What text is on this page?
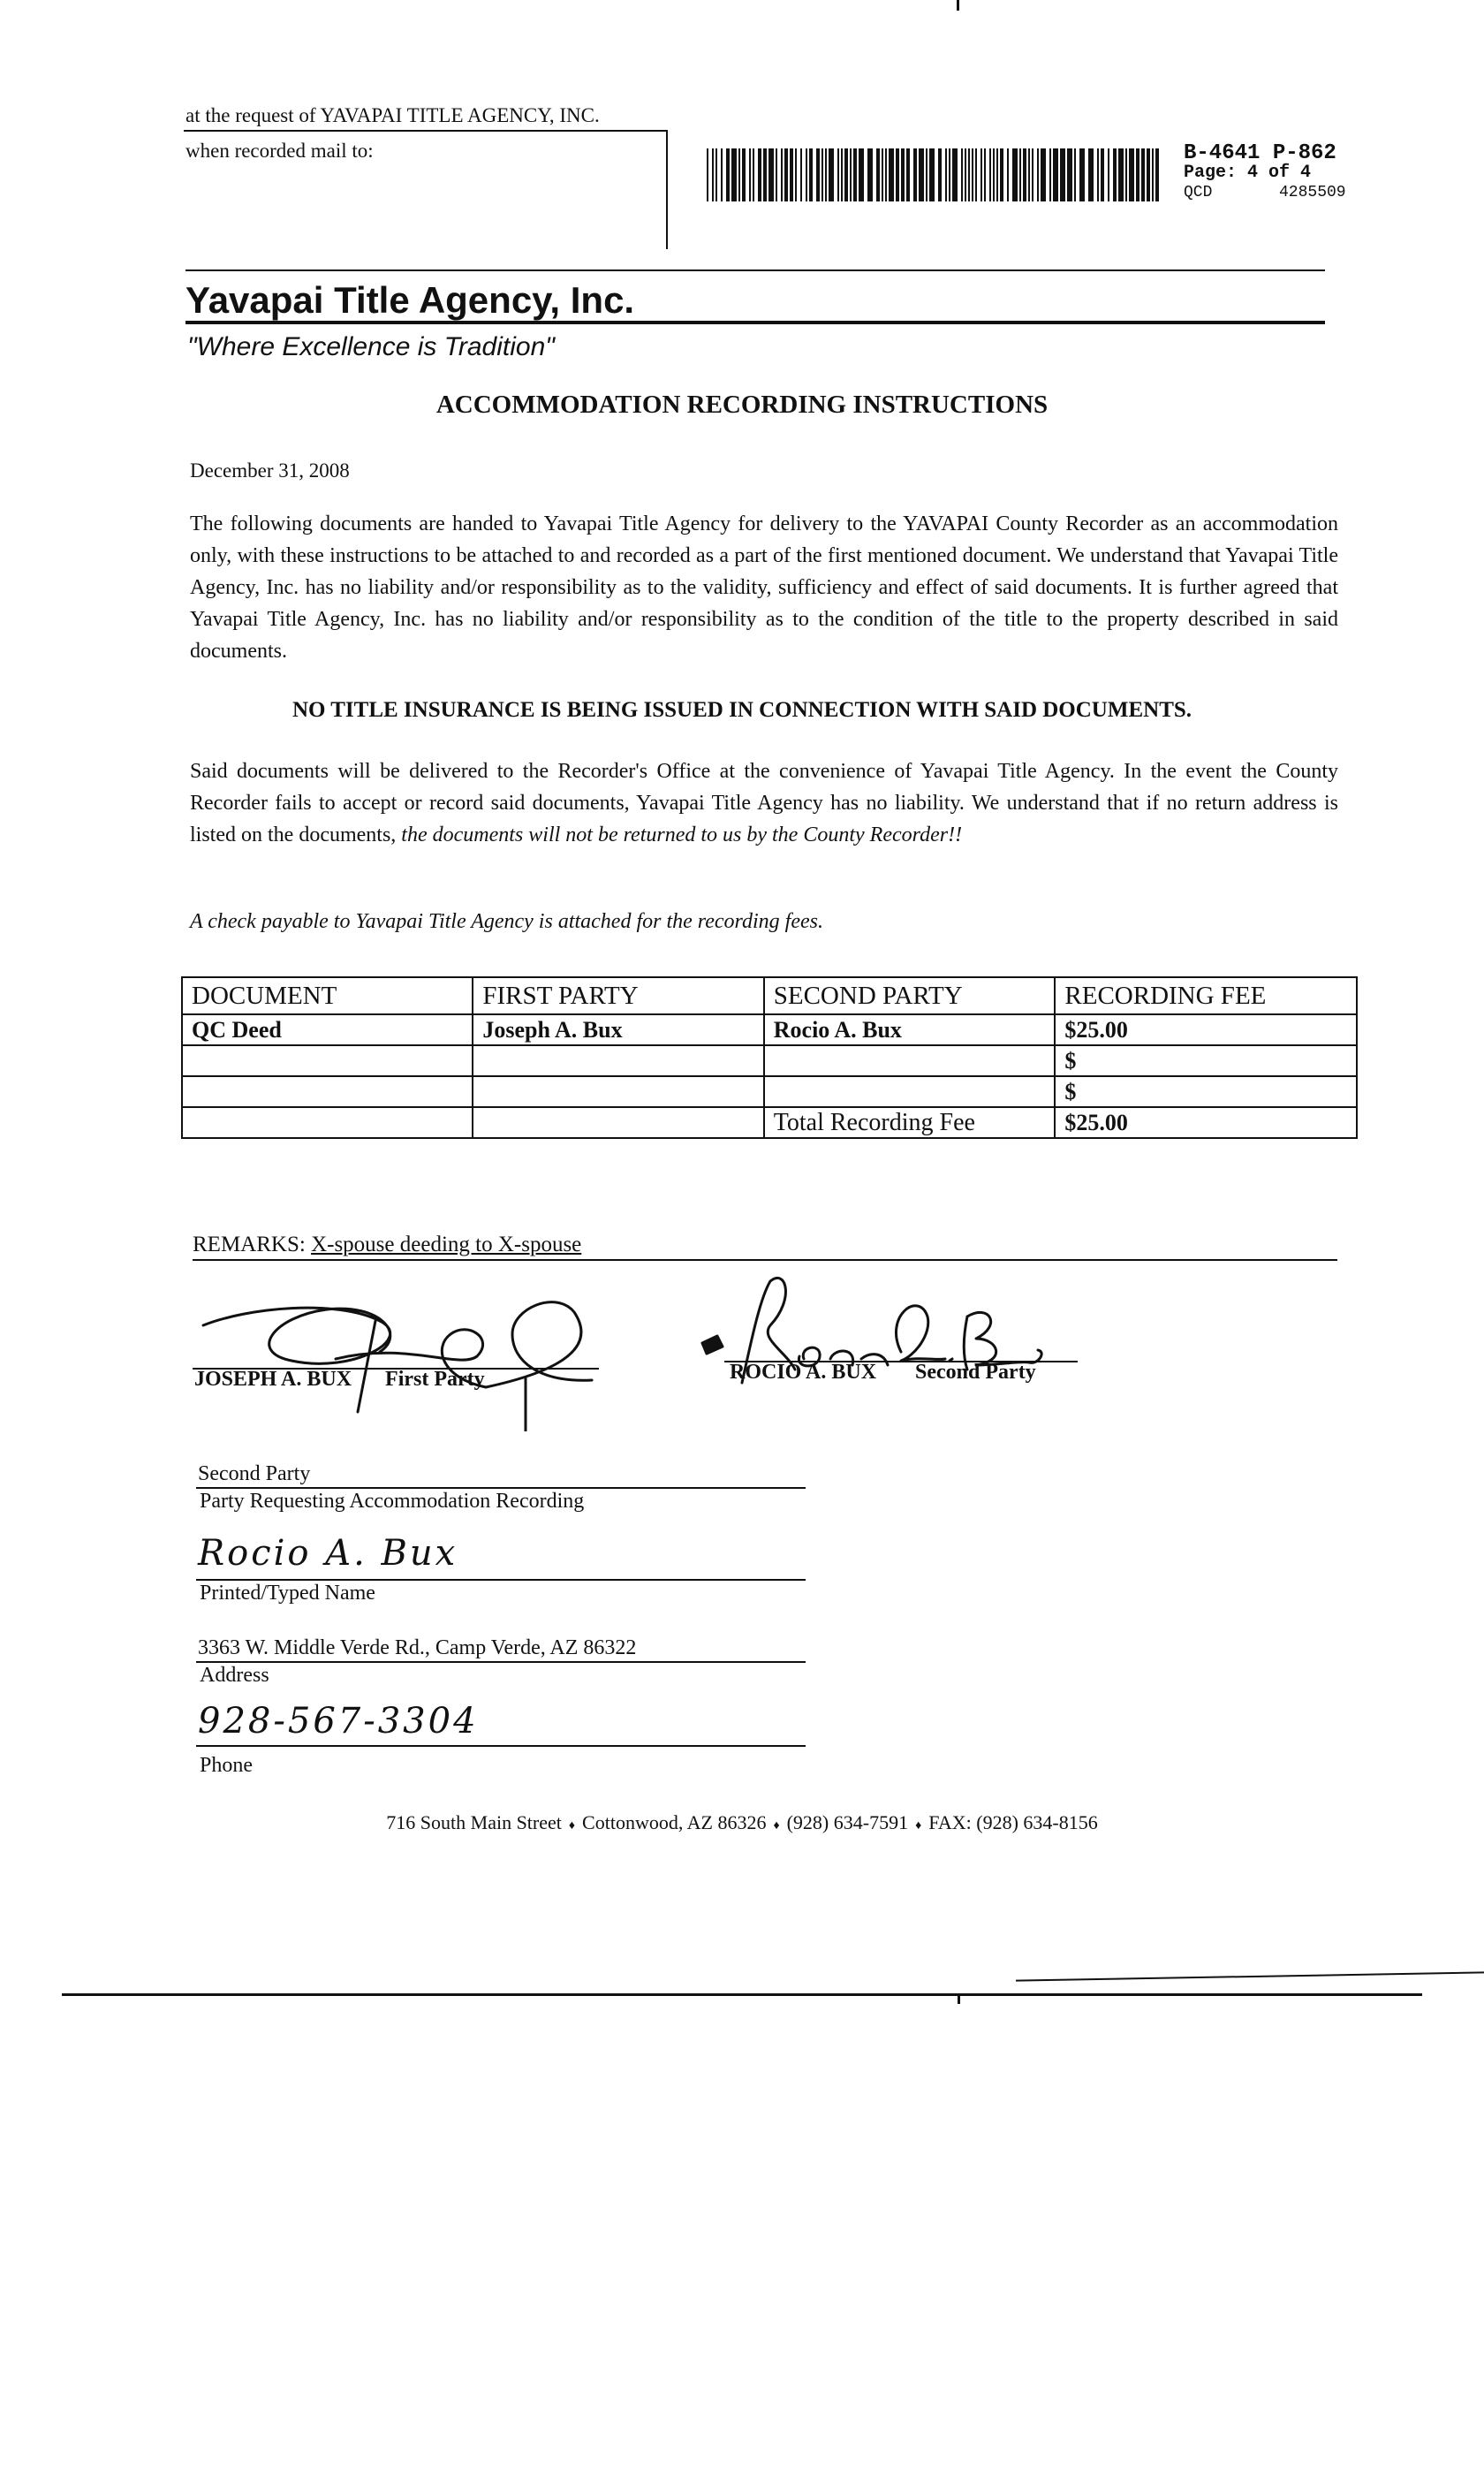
at the request of YAVAPAI TITLE AGENCY, INC.
when recorded mail to:	B-4641 P-862
Page: 4 of 4
QCD	4285509
Yavapai Title Agency, Inc.
"Where Excellence is Tradition"
ACCOMMODATION RECORDING INSTRUCTIONS
December 31, 2008
The following documents are handed to Yavapai Title Agency for delivery to the YAVAPAI County Recorder as an accommodation only, with these instructions to be attached to and recorded as a part of the first mentioned document. We understand that Yavapai Title Agency, Inc. has no liability and/or responsibility as to the validity, sufficiency and effect of said documents. It is further agreed that Yavapai Title Agency, Inc. has no liability and/or responsibility as to the condition of the title to the property described in said documents.
NO TITLE INSURANCE IS BEING ISSUED IN CONNECTION WITH SAID DOCUMENTS.
Said documents will be delivered to the Recorder's Office at the convenience of Yavapai Title Agency. In the event the County Recorder fails to accept or record said documents, Yavapai Title Agency has no liability. We understand that if no return address is listed on the documents, the documents will not be returned to us by the County Recorder!!
A check payable to Yavapai Title Agency is attached for the recording fees.
DOCUMENT	FIRST PARTY	SECOND PARTY	RECORDING FEE
QC Deed	Joseph A. Bux	Rocio A. Bux	$25.00
			$
			$
		Total Recording Fee	$25.00
REMARKS: X-spouse deeding to X-spouse
JOSEPH A. BUX First Party	ROCIO A. BUX Second Party
Second Party
Party Requesting Accommodation Recording
Rocio A. Bux
Printed/Typed Name
3363 W. Middle Verde Rd., Camp Verde, AZ 86322
Address
928-567-3304
Phone
716 South Main Street ♦ Cottonwood, AZ 86326 ♦ (928) 634-7591 ♦ FAX: (928) 634-8156
